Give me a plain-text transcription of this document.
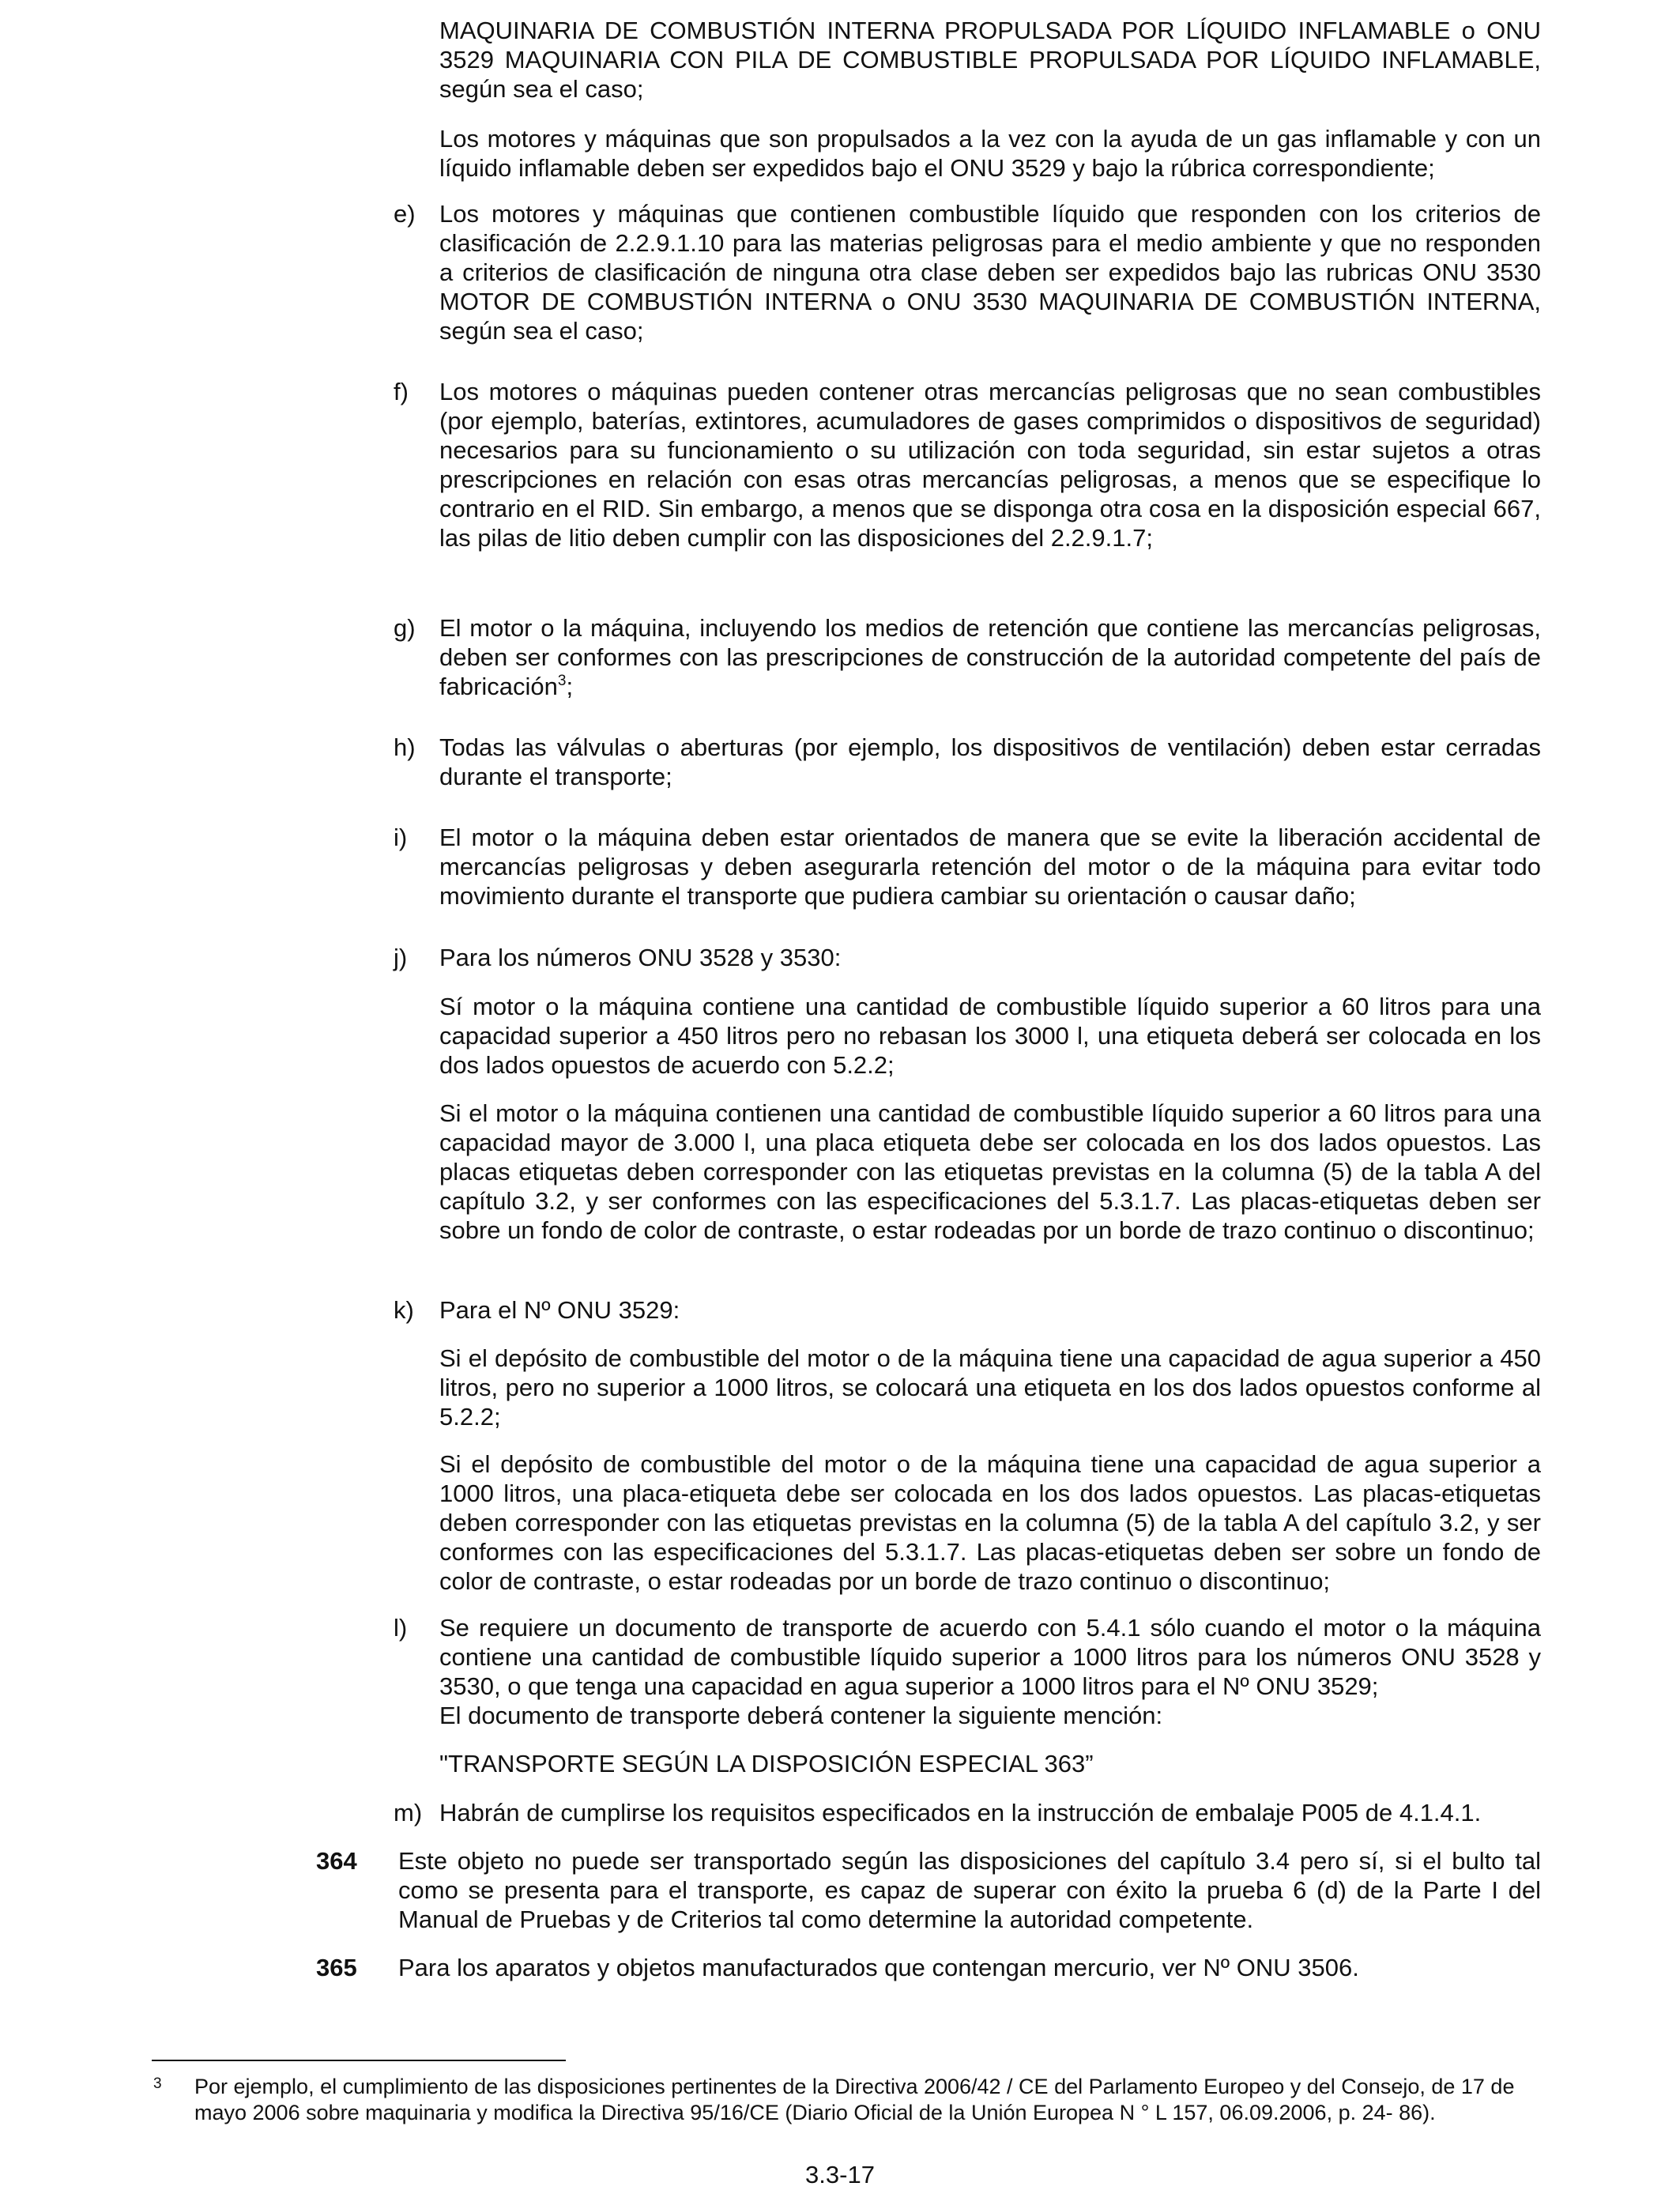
MAQUINARIA DE COMBUSTIÓN INTERNA PROPULSADA POR LÍQUIDO INFLAMABLE o ONU 3529 MAQUINARIA CON PILA DE COMBUSTIBLE PROPULSADA POR LÍQUIDO INFLAMABLE, según sea el caso;

Los motores y máquinas que son propulsados a la vez con la ayuda de un gas inflamable y con un líquido inflamable deben ser expedidos bajo el ONU 3529 y bajo la rúbrica correspondiente;

e) Los motores y máquinas que contienen combustible líquido que responden con los criterios de clasificación de 2.2.9.1.10 para las materias peligrosas para el medio ambiente y que no responden a criterios de clasificación de ninguna otra clase deben ser expedidos bajo las rubricas ONU 3530 MOTOR DE COMBUSTIÓN INTERNA o ONU 3530 MAQUINARIA DE COMBUSTIÓN INTERNA, según sea el caso;

f) Los motores o máquinas pueden contener otras mercancías peligrosas que no sean combustibles (por ejemplo, baterías, extintores, acumuladores de gases comprimidos o dispositivos de seguridad) necesarios para su funcionamiento o su utilización con toda seguridad, sin estar sujetos a otras prescripciones en relación con esas otras mercancías peligrosas, a menos que se especifique lo contrario en el RID. Sin embargo, a menos que se disponga otra cosa en la disposición especial 667, las pilas de litio deben cumplir con las disposiciones del 2.2.9.1.7;

g) El motor o la máquina, incluyendo los medios de retención que contiene las mercancías peligrosas, deben ser conformes con las prescripciones de construcción de la autoridad competente del país de fabricación$^3$;

h) Todas las válvulas o aberturas (por ejemplo, los dispositivos de ventilación) deben estar cerradas durante el transporte;

i) El motor o la máquina deben estar orientados de manera que se evite la liberación accidental de mercancías peligrosas y deben asegurarla retención del motor o de la máquina para evitar todo movimiento durante el transporte que pudiera cambiar su orientación o causar daño;

j) Para los números ONU 3528 y 3530:

Sí motor o la máquina contiene una cantidad de combustible líquido superior a 60 litros para una capacidad superior a 450 litros pero no rebasan los 3000 l, una etiqueta deberá ser colocada en los dos lados opuestos de acuerdo con 5.2.2;

Si el motor o la máquina contienen una cantidad de combustible líquido superior a 60 litros para una capacidad mayor de 3.000 l, una placa etiqueta debe ser colocada en los dos lados opuestos. Las placas etiquetas deben corresponder con las etiquetas previstas en la columna (5) de la tabla A del capítulo 3.2, y ser conformes con las especificaciones del 5.3.1.7. Las placas-etiquetas deben ser sobre un fondo de color de contraste, o estar rodeadas por un borde de trazo continuo o discontinuo;

k) Para el Nº ONU 3529:

Si el depósito de combustible del motor o de la máquina tiene una capacidad de agua superior a 450 litros, pero no superior a 1000 litros, se colocará una etiqueta en los dos lados opuestos conforme al 5.2.2;

Si el depósito de combustible del motor o de la máquina tiene una capacidad de agua superior a 1000 litros, una placa-etiqueta debe ser colocada en los dos lados opuestos. Las placas-etiquetas deben corresponder con las etiquetas previstas en la columna (5) de la tabla A del capítulo 3.2, y ser conformes con las especificaciones del 5.3.1.7. Las placas-etiquetas deben ser sobre un fondo de color de contraste, o estar rodeadas por un borde de trazo continuo o discontinuo;

l) Se requiere un documento de transporte de acuerdo con 5.4.1 sólo cuando el motor o la máquina contiene una cantidad de combustible líquido superior a 1000 litros para los números ONU 3528 y 3530, o que tenga una capacidad en agua superior a 1000 litros para el Nº ONU 3529;

El documento de transporte deberá contener la siguiente mención:

"TRANSPORTE SEGÚN LA DISPOSICIÓN ESPECIAL 363”

m) Habrán de cumplirse los requisitos especificados en la instrucción de embalaje P005 de 4.1.4.1.

364 Este objeto no puede ser transportado según las disposiciones del capítulo 3.4 pero sí, si el bulto tal como se presenta para el transporte, es capaz de superar con éxito la prueba 6 (d) de la Parte I del Manual de Pruebas y de Criterios tal como determine la autoridad competente.

365 Para los aparatos y objetos manufacturados que contengan mercurio, ver Nº ONU 3506.

3 Por ejemplo, el cumplimiento de las disposiciones pertinentes de la Directiva 2006/42 / CE del Parlamento Europeo y del Consejo, de 17 de mayo 2006 sobre maquinaria y modifica la Directiva 95/16/CE (Diario Oficial de la Unión Europea N ° L 157, 06.09.2006, p. 24- 86).

3.3-17
